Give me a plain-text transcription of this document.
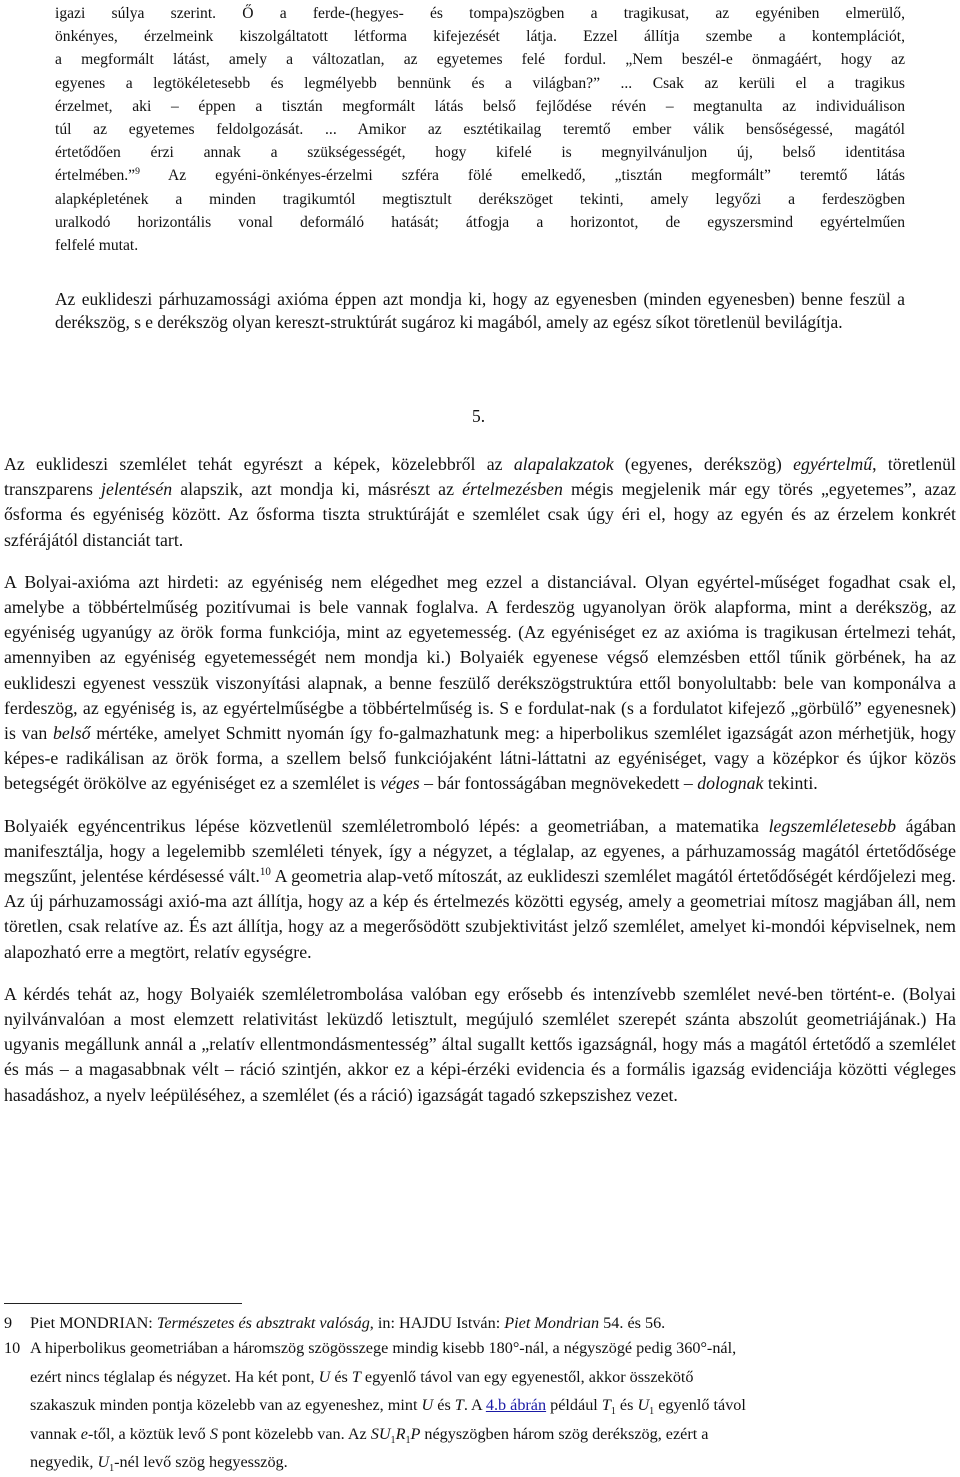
igazi súlya szerint. Ő a ferde-(hegyes- és tompa)szögben a tragikusat, az egyéniben elmerülő,
önkényes, érzelmeink kiszolgáltatott létforma kifejezését látja. Ezzel állítja szembe a kontemplációt,
a megformált látást, amely a változatlan, az egyetemes felé fordul. „Nem beszél-e önmagáért, hogy az
egyenes a legtökéletesebb és legmélyebb bennünk és a világban?” ... Csak az kerüli el a tragikus
érzelmet, aki – éppen a tisztán megformált látás belső fejlődése révén – megtanulta az individuálison
túl az egyetemes feldolgozását. ... Amikor az esztétikailag teremtő ember válik bensőségessé, magától
értetődően érzi annak a szükségességét, hogy kifelé is megnyilvánuljon új, belső identitása
értelmében.”$^9$ Az egyéni-önkényes-érzelmi szféra fölé emelkedő, „tisztán megformált” teremtő látás
alapképletének a minden tragikumtól megtisztult derékszöget tekinti, amely legyőzi a ferdeszögben
uralkodó horizontális vonal deformáló hatását; átfogja a horizontot, de egyszersmind egyértelműen
felfelé mutat.

Az euklideszi párhuzamossági axióma éppen azt mondja ki, hogy az egyenesben (minden egyenesben) benne feszül a derékszög, s e derékszög olyan kereszt-struktúrát sugároz ki magából, amely az egész síkot töretlenül bevilágítja.

5.

Az euklideszi szemlélet tehát egyrészt a képek, közelebbről az alapalakzatok (egyenes, derékszög) egyértelmű, töretlenül transzparens jelentésén alapszik, azt mondja ki, másrészt az értelmezésben mégis megjelenik már egy törés „egyetemes”, azaz ősforma és egyéniség között. Az ősforma tiszta struktúráját e szemlélet csak úgy éri el, hogy az egyén és az érzelem konkrét szférájától distanciát tart.

A Bolyai-axióma azt hirdeti: az egyéniség nem elégedhet meg ezzel a distanciával. Olyan egyértel-műséget fogadhat csak el, amelybe a többértelműség pozitívumai is bele vannak foglalva. A ferdeszög ugyanolyan örök alapforma, mint a derékszög, az egyéniség ugyanúgy az örök forma funkciója, mint az egyetemesség. (Az egyéniséget ez az axióma is tragikusan értelmezi tehát, amennyiben az egyéniség egyetemességét nem mondja ki.) Bolyaiék egyenese végső elemzésben ettől tűnik görbének, ha az euklideszi egyenest vesszük viszonyítási alapnak, a benne feszülő derékszögstruktúra ettől bonyolultabb: bele van komponálva a ferdeszög, az egyéniség is, az egyértelműségbe a többértelműség is. S e fordulat-nak (s a fordulatot kifejező „görbülő” egyenesnek) is van belső mértéke, amelyet Schmitt nyomán így fo-galmazhatunk meg: a hiperbolikus szemlélet igazságát azon mérhetjük, hogy képes-e radikálisan az örök forma, a szellem belső funkciójaként látni-láttatni az egyéniséget, vagy a középkor és újkor közös betegségét örökölve az egyéniséget ez a szemlélet is véges – bár fontosságában megnövekedett – dolognak tekinti.

Bolyaiék egyéncentrikus lépése közvetlenül szemléletromboló lépés: a geometriában, a matematika legszemléletesebb ágában manifesztálja, hogy a legelemibb szemléleti tények, így a négyzet, a téglalap, az egyenes, a párhuzamosság magától értetődősége megszűnt, jelentése kérdésessé vált.$^{10}$ A geometria alap-vető mítoszát, az euklideszi szemlélet magától értetődőségét kérdőjelezi meg. Az új párhuzamossági axió-ma azt állítja, hogy az a kép és értelmezés közötti egység, amely a geometriai mítosz magjában áll, nem töretlen, csak relatíve az. És azt állítja, hogy az a megerősödött szubjektivitást jelző szemlélet, amelyet ki-mondói képviselnek, nem alapozható erre a megtört, relatív egységre.

A kérdés tehát az, hogy Bolyaiék szemléletrombolása valóban egy erősebb és intenzívebb szemlélet nevé-ben történt-e. (Bolyai nyilvánvalóan a most elemzett relativitást leküzdő letisztult, megújuló szemlélet szerepét szánta abszolút geometriájának.) Ha ugyanis megállunk annál a „relatív ellentmondásmentesség” által sugallt kettős igazságnál, hogy más a magától értetődő a szemlélet és más – a magasabbnak vélt – ráció szintjén, akkor ez a képi-érzéki evidencia és a formális igazság evidenciája közötti végleges hasadáshoz, a nyelv leépüléséhez, a szemlélet (és a ráció) igazságát tagadó szkepszishez vezet.

9 Piet MONDRIAN: Természetes és absztrakt valóság, in: HAJDU István: Piet Mondrian 54. és 56.
10 A hiperbolikus geometriában a háromszög szögösszege mindig kisebb 180°-nál, a négyszögé pedig 360°-nál,
ezért nincs téglalap és négyzet. Ha két pont, U és T egyenlő távol van egy egyenestől, akkor összekötő
szakaszuk minden pontja közelebb van az egyeneshez, mint U és T. A 4.b ábrán például $T_1$ és $U_1$ egyenlő távol
vannak e-től, a köztük levő S pont közelebb van. Az $SU_1R_1P$ négyszögben három szög derékszög, ezért a
negyedik, $U_1$-nél levő szög hegyesszög.
